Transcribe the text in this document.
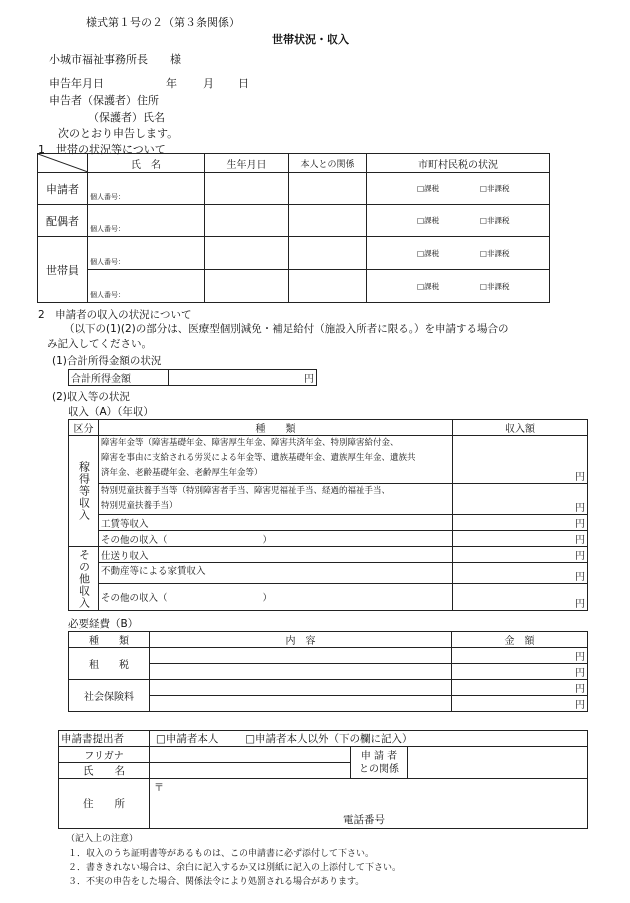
様式第１号の２（第３条関係）
世帯状況・収入
小城市福祉事務所長　　様
申告年月日	年 月 日
申告者（保護者）住所
（保護者）氏名
次のとおり申告します。
1　世帯の状況等について
	氏　名	生年月日	本人との関係	市町村民税の状況
申請者	個人番号：			□課税 □非課税
配偶者	個人番号：			□課税 □非課税
世帯員	個人番号：			□課税 □非課税
	個人番号：			□課税 □非課税
2　申請者の収入の状況について
（以下の(1)(2)の部分は、医療型個別減免・補足給付（施設入所者に限る。）を申請する場合の
み記入してください。
(1)合計所得金額の状況
合計所得金額	円
(2)収入等の状況
収入（A）（年収）
区分	種　　類	収入額

稼得等収入	障害年金等（障害基礎年金、障害厚生年金、障害共済年金、特別障害給付金、
障害を事由に支給される労災による年金等、遺族基礎年金、遺族厚生年金、遺族共
済年金、老齢基礎年金、老齢厚生年金等）	円

	特別児童扶養手当等（特別障害者手当、障害児福祉手当、経過的福祉手当、
特別児童扶養手当）	円
	工賃等収入	円
	その他の収入（　　　　　　　　　　）	円

その他収入	仕送り収入	円
	不動産等による家賃収入	円
	その他の収入（　　　　　　　　　　）	円
必要経費（B）
種　　類	内　容	金　額
租　　税		円
		円
社会保険料		円
		円
申請書提出者	□申請者本人 □申請者本人以外（下の欄に記入）		
フリガナ		申 請 者
との関係	

氏　　名			
住　　所	〒
電話番号		
（記入上の注意）
１．収入のうち証明書等があるものは、この申請書に必ず添付して下さい。
２．書ききれない場合は、余白に記入するか又は別紙に記入の上添付して下さい。
３．不実の申告をした場合、関係法令により処罰される場合があります。
